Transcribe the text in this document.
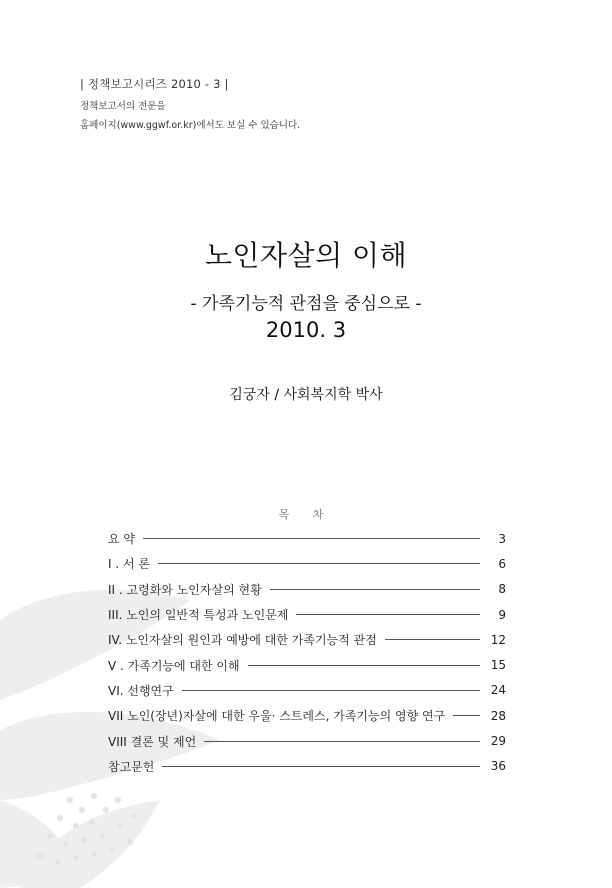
| 정책보고시리즈 2010 - 3 |
정책보고서의 전문을
홈페이지(www.ggwf.or.kr)에서도 보실 수 있습니다.
노인자살의 이해
- 가족기능적 관점을 중심으로 -
2010. 3
김궁자 / 사회복지학 박사
목 차
요 약	3
I . 서 론	6
II . 고령화와 노인자살의 현황	8
III. 노인의 일반적 특성과 노인문제	9
IV. 노인자살의 원인과 예방에 대한 가족기능적 관점	12
V . 가족기능에 대한 이해	15
VI. 선행연구	24
VII 노인(장년)자살에 대한 우울· 스트레스, 가족기능의 영향 연구	28
VIII 결론 및 제언	29
참고문헌	36
